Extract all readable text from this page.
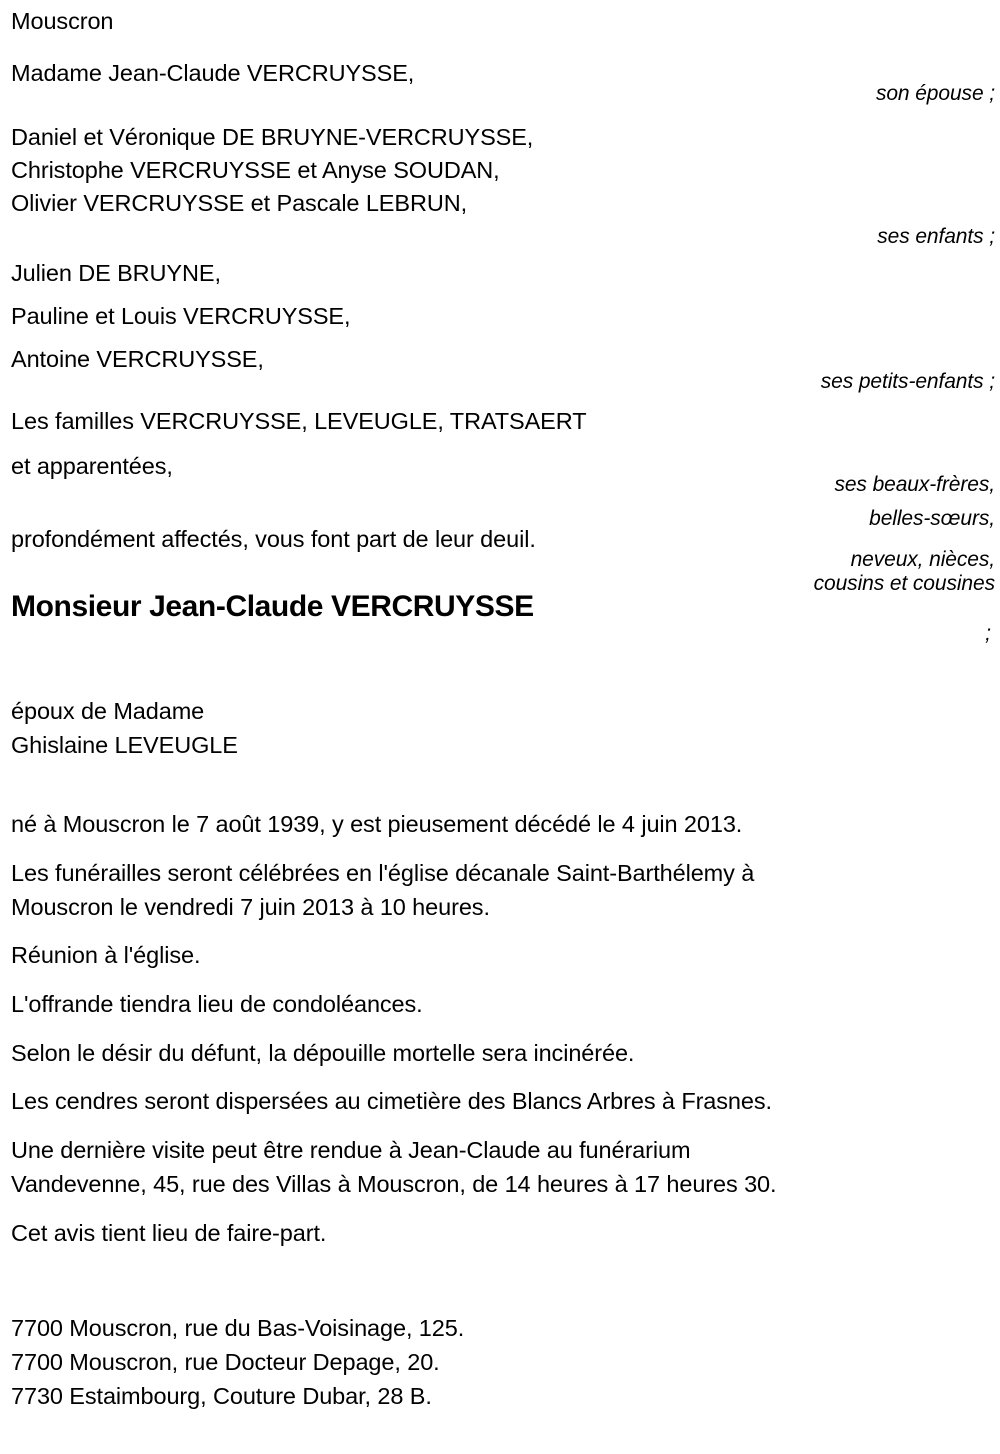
Mouscron
Madame Jean-Claude VERCRUYSSE,
son épouse ;
Daniel et Véronique DE BRUYNE-VERCRUYSSE,
Christophe VERCRUYSSE et Anyse SOUDAN,
Olivier VERCRUYSSE et Pascale LEBRUN,
ses enfants ;
Julien DE BRUYNE,
Pauline et Louis VERCRUYSSE,
Antoine VERCRUYSSE,
ses petits-enfants ;
Les familles VERCRUYSSE, LEVEUGLE, TRATSAERT
et apparentées,
ses beaux-frères,
belles-sœurs,
neveux, nièces,
cousins et cousines
;
profondément affectés, vous font part de leur deuil.
Monsieur Jean-Claude VERCRUYSSE
époux de Madame
Ghislaine LEVEUGLE
né à Mouscron le 7 août 1939, y est pieusement décédé le 4 juin 2013.
Les funérailles seront célébrées en l'église décanale Saint-Barthélemy à
Mouscron le vendredi 7 juin 2013 à 10 heures.
Réunion à l'église.
L'offrande tiendra lieu de condoléances.
Selon le désir du défunt, la dépouille mortelle sera incinérée.
Les cendres seront dispersées au cimetière des Blancs Arbres à Frasnes.
Une dernière visite peut être rendue à Jean-Claude au funérarium
Vandevenne, 45, rue des Villas à Mouscron, de 14 heures à 17 heures 30.
Cet avis tient lieu de faire-part.
7700 Mouscron, rue du Bas-Voisinage, 125.
7700 Mouscron, rue Docteur Depage, 20.
7730 Estaimbourg, Couture Dubar, 28 B.
